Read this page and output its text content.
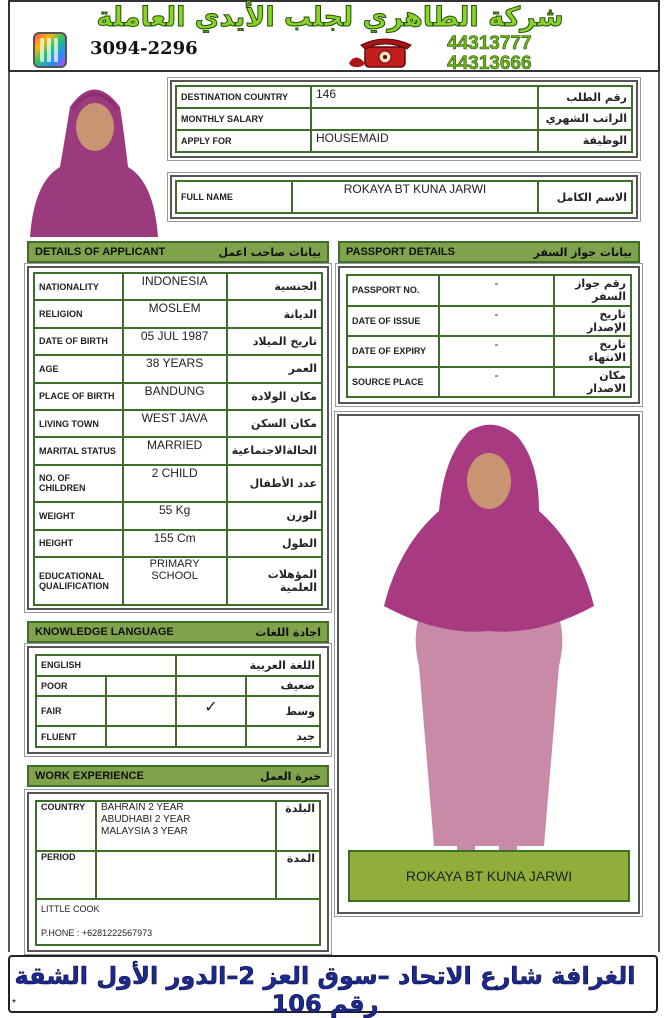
شركة الطاهري لجلب الأيدي العاملة
3094-2296	44313777
44313666
DESTINATION COUNTRY	146	رقم الطلب
MONTHLY SALARY		الراتب الشهري
APPLY FOR	HOUSEMAID	الوظيفة
FULL NAME	ROKAYA BT KUNA JARWI	الاسم الكامل
DETAILS OF APPLICANT	بيانات صاحب اعمل
NATIONALITY	INDONESIA	الجنسية
RELIGION	MOSLEM	الديانة
DATE OF BIRTH	05 JUL 1987	تاريخ الميلاد
AGE	38 YEARS	العمر
PLACE OF BIRTH	BANDUNG	مكان الولادة
LIVING TOWN	WEST JAVA	مكان السكن
MARITAL STATUS	MARRIED	الحالةالاجتماعية
NO. OF CHILDREN	2 CHILD	عدد الأطفال
WEIGHT	55 Kg	الوزن
HEIGHT	155 Cm	الطول
EDUCATIONAL QUALIFICATION	PRIMARY SCHOOL	المؤهلات العلمية
PASSPORT DETAILS	بيانات جواز السفر
PASSPORT NO.	-	رقم جواز السفر
DATE OF ISSUE	-	تاريخ الإصدار
DATE OF EXPIRY	-	تاريخ الانتهاء
SOURCE PLACE	-	مكان الاصدار
ROKAYA BT KUNA JARWI
KNOWLEDGE LANGUAGE	اجادة اللغات
ENGLISH		اللغة العربية	
POOR			ضعيف
FAIR		✓	وسط
FLUENT			جيد
WORK EXPERIENCE	خبرة العمل
COUNTRY	BAHRAIN 2 YEAR
ABUDHABI 2 YEAR
MALAYSIA 3 YEAR	البلدة
PERIOD		المدة
LITTLE COOK
P.HONE : +6281222567973
الغرافة شارع الاتحاد –سوق العز 2–الدور الأول الشقة رقم 106
*
